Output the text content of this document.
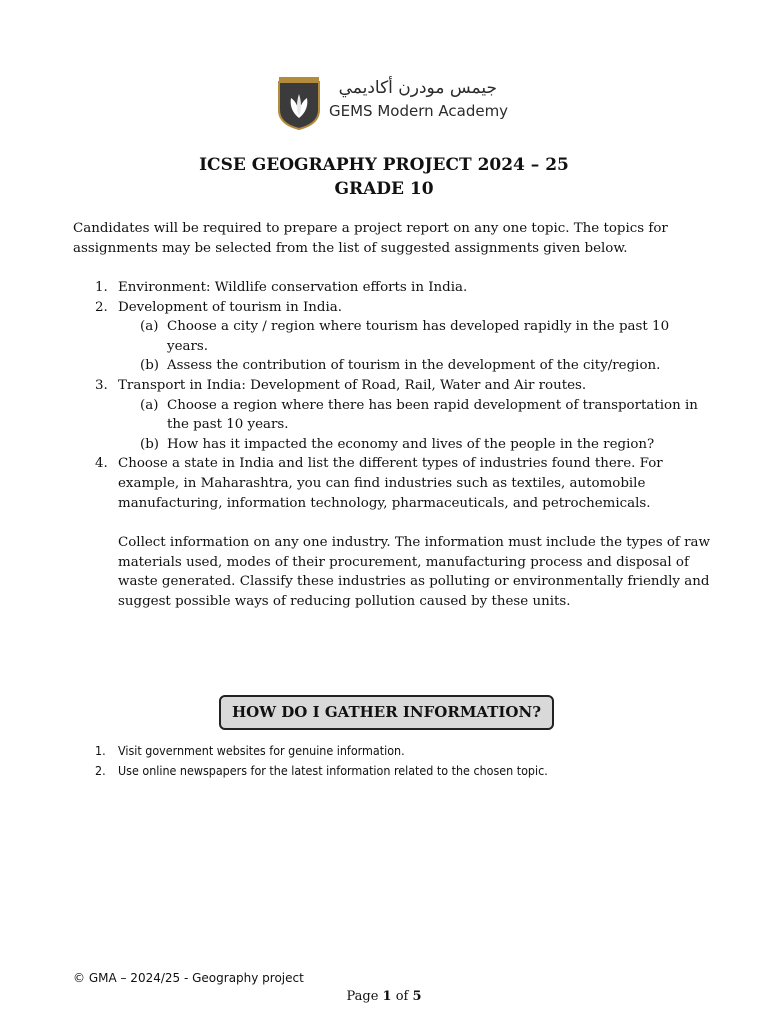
جيمس مودرن أكاديمي
GEMS Modern Academy
ICSE GEOGRAPHY PROJECT 2024 – 25
GRADE 10

Candidates will be required to prepare a project report on any one topic. The topics for assignments may be selected from the list of suggested assignments given below.

1. Environment: Wildlife conservation efforts in India.
2. Development of tourism in India.
(a) Choose a city / region where tourism has developed rapidly in the past 10 years.
(b) Assess the contribution of tourism in the development of the city/region.
3. Transport in India: Development of Road, Rail, Water and Air routes.
(a) Choose a region where there has been rapid development of transportation in the past 10 years.
(b) How has it impacted the economy and lives of the people in the region?
4. Choose a state in India and list the different types of industries found there. For example, in Maharashtra, you can find industries such as textiles, automobile manufacturing, information technology, pharmaceuticals, and petrochemicals.
Collect information on any one industry. The information must include the types of raw materials used, modes of their procurement, manufacturing process and disposal of waste generated. Classify these industries as polluting or environmentally friendly and suggest possible ways of reducing pollution caused by these units.
HOW DO I GATHER INFORMATION?
1. Visit government websites for genuine information.
2. Use online newspapers for the latest information related to the chosen topic.
© GMA – 2024/25 - Geography project
Page 1 of 5
